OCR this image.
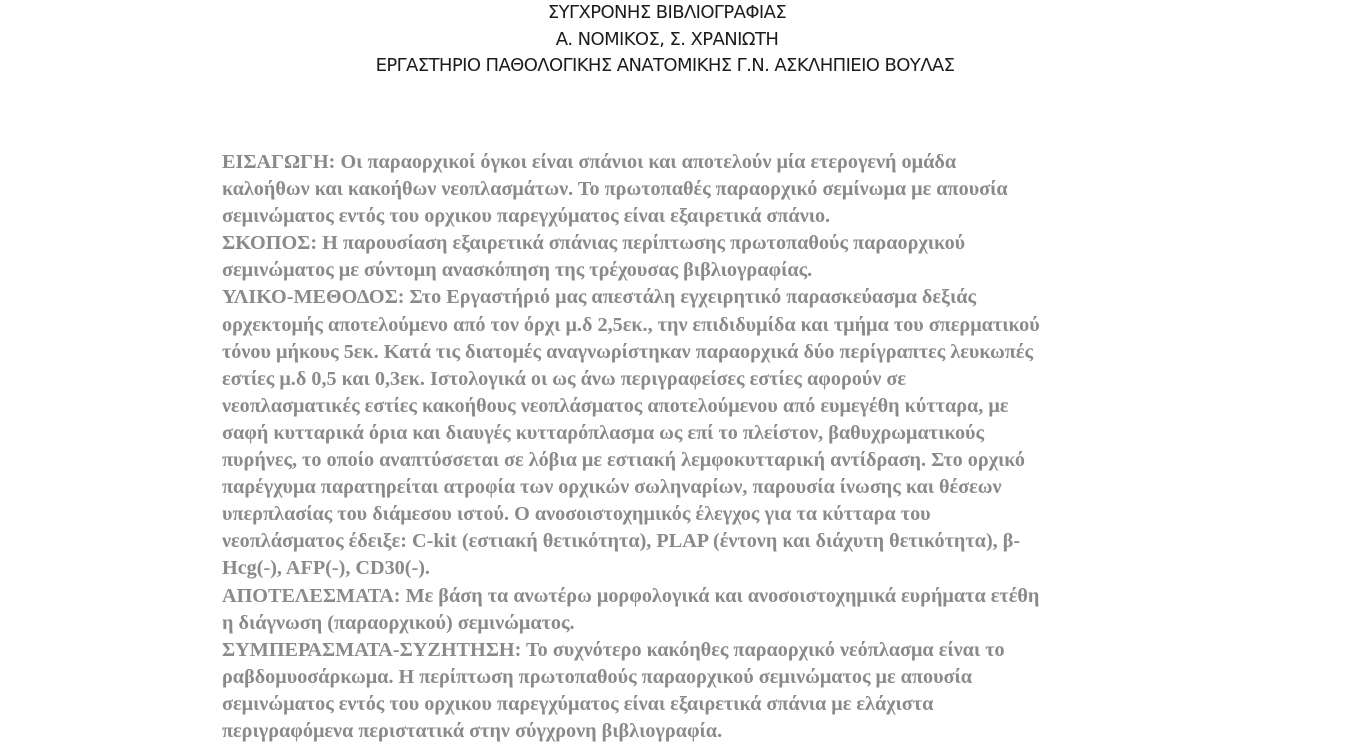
ΣΥΓΧΡΟΝΗΣ ΒΙΒΛΙΟΓΡΑΦΙΑΣ
Α. ΝΟΜΙΚΟΣ, Σ. ΧΡΑΝΙΩΤΗ
ΕΡΓΑΣΤΗΡΙΟ ΠΑΘΟΛΟΓΙΚΗΣ ΑΝΑΤΟΜΙΚΗΣ Γ.Ν. ΑΣΚΛΗΠΙΕΙΟ ΒΟΥΛΑΣ

ΕΙΣΑΓΩΓΗ: Οι παραορχικοί όγκοι είναι σπάνιοι και αποτελούν μία ετερογενή ομάδα
καλοήθων και κακοήθων νεοπλασμάτων. Το πρωτοπαθές παραορχικό σεμίνωμα με απουσία
σεμινώματος εντός του ορχικου παρεγχύματος είναι εξαιρετικά σπάνιο.

ΣΚΟΠΟΣ: Η παρουσίαση εξαιρετικά σπάνιας περίπτωσης πρωτοπαθούς παραορχικού
σεμινώματος με σύντομη ανασκόπηση της τρέχουσας βιβλιογραφίας.

ΥΛΙΚΟ-ΜΕΘΟΔΟΣ: Στο Εργαστήριό μας απεστάλη εγχειρητικό παρασκεύασμα δεξιάς
ορχεκτομής αποτελούμενο από τον όρχι μ.δ 2,5εκ., την επιδιδυμίδα και τμήμα του σπερματικού
τόνου μήκους 5εκ. Κατά τις διατομές αναγνωρίστηκαν παραορχικά δύο περίγραπτες λευκωπές
εστίες μ.δ 0,5 και 0,3εκ. Ιστολογικά οι ως άνω περιγραφείσες εστίες αφορούν σε
νεοπλασματικές εστίες κακοήθους νεοπλάσματος αποτελούμενου από ευμεγέθη κύτταρα, με
σαφή κυτταρικά όρια και διαυγές κυτταρόπλασμα ως επί το πλείστον, βαθυχρωματικούς
πυρήνες, το οποίο αναπτύσσεται σε λόβια με εστιακή λεμφοκυτταρική αντίδραση. Στο ορχικό
παρέγχυμα παρατηρείται ατροφία των ορχικών σωληναρίων, παρουσία ίνωσης και θέσεων
υπερπλασίας του διάμεσου ιστού. Ο ανοσοιστοχημικός έλεγχος για τα κύτταρα του
νεοπλάσματος έδειξε: C-kit (εστιακή θετικότητα), PLAP (έντονη και διάχυτη θετικότητα), β-
Hcg(-), AFP(-), CD30(-).

ΑΠΟΤΕΛΕΣΜΑΤΑ: Με βάση τα ανωτέρω μορφολογικά και ανοσοιστοχημικά ευρήματα ετέθη
η διάγνωση (παραορχικού) σεμινώματος.

ΣΥΜΠΕΡΑΣΜΑΤΑ-ΣΥΖΗΤΗΣΗ: Το συχνότερο κακόηθες παραορχικό νεόπλασμα είναι το
ραβδομυοσάρκωμα. Η περίπτωση πρωτοπαθούς παραορχικού σεμινώματος με απουσία
σεμινώματος εντός του ορχικου παρεγχύματος είναι εξαιρετικά σπάνια με ελάχιστα
περιγραφόμενα περιστατικά στην σύγχρονη βιβλιογραφία.
